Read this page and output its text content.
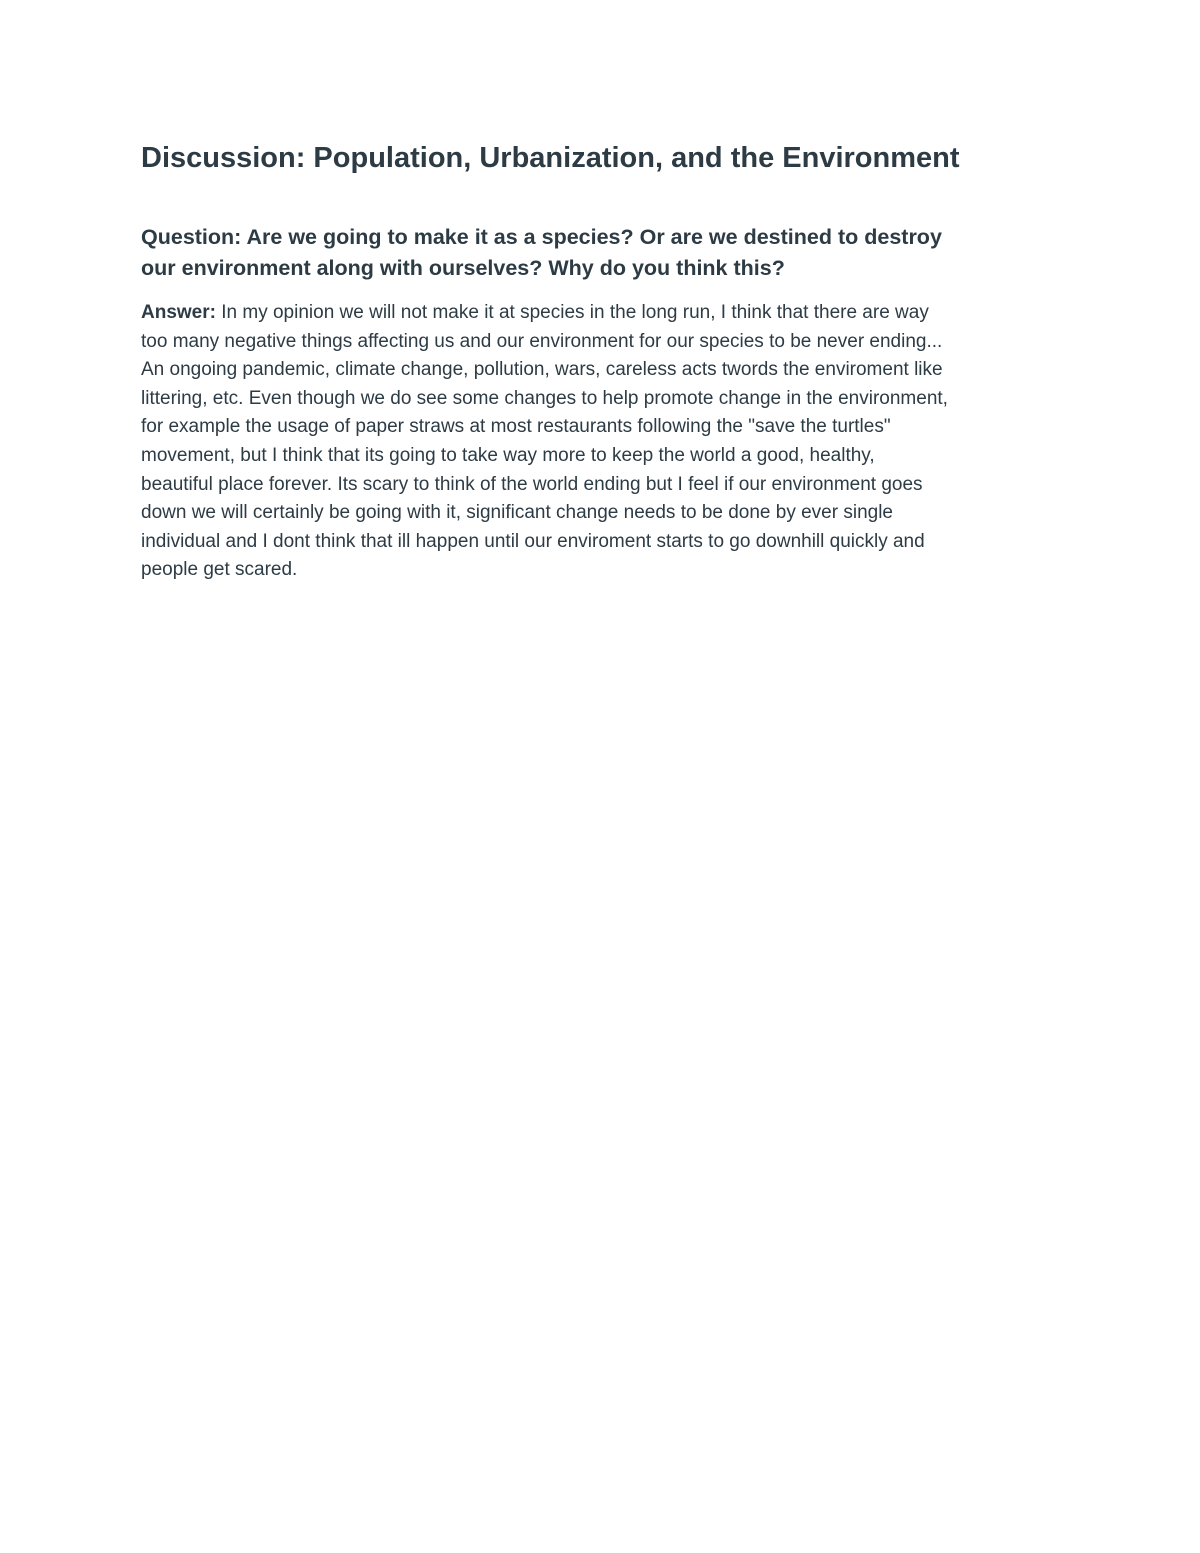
Discussion: Population, Urbanization, and the Environment
Question: Are we going to make it as a species? Or are we destined to destroy
our environment along with ourselves? Why do you think this?
Answer: In my opinion we will not make it at species in the long run, I think that there are way
too many negative things affecting us and our environment for our species to be never ending...
An ongoing pandemic, climate change, pollution, wars, careless acts twords the enviroment like
littering, etc. Even though we do see some changes to help promote change in the environment,
for example the usage of paper straws at most restaurants following the "save the turtles"
movement, but I think that its going to take way more to keep the world a good, healthy,
beautiful place forever. Its scary to think of the world ending but I feel if our environment goes
down we will certainly be going with it, significant change needs to be done by ever single
individual and I dont think that ill happen until our enviroment starts to go downhill quickly and
people get scared.
